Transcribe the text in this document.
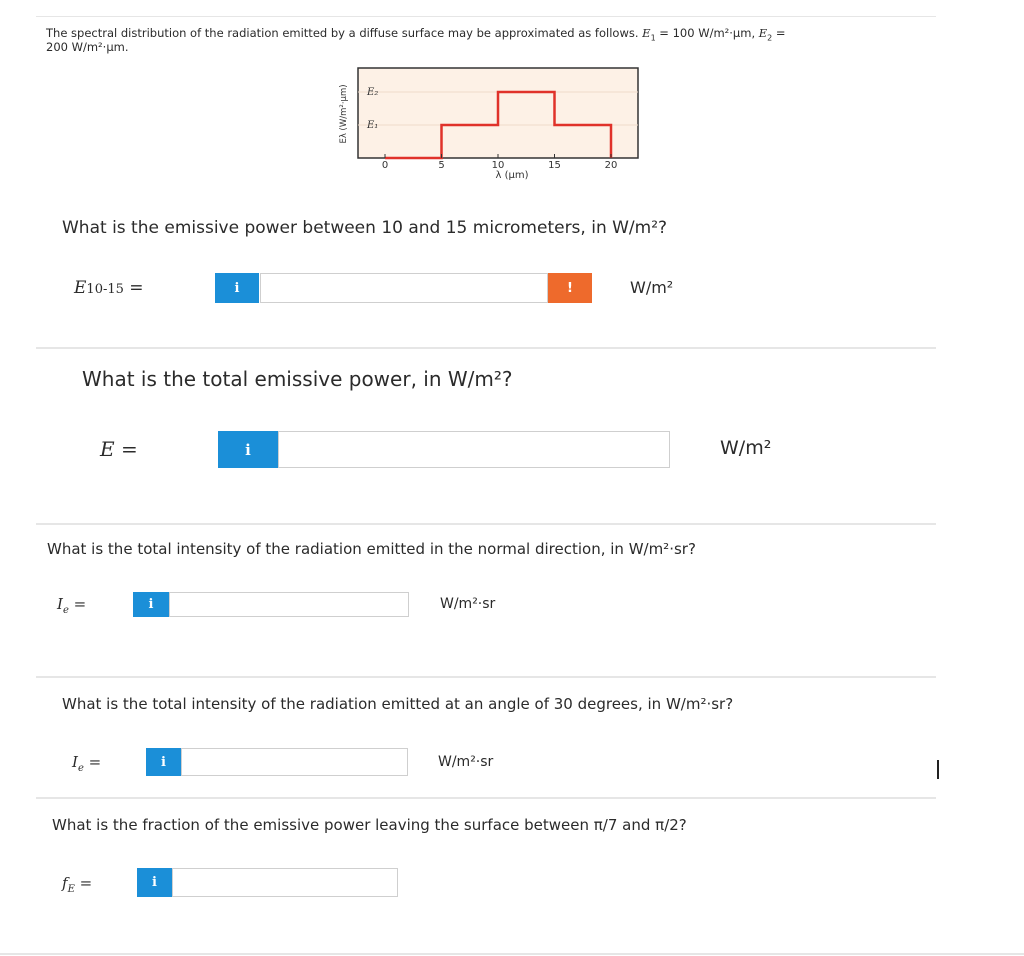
The spectral distribution of the radiation emitted by a diffuse surface may be approximated as follows. $E_1 = 100$ W/m²·μm, $E_2$ =
200 W/m²·μm.
0	5	10	15	20
E₂
E₁
Eλ (W/m²·μm)
λ (μm)
What is the emissive power between 10 and 15 micrometers, in W/m²?
E10-15 =	i	!	W/m²
What is the total emissive power, in W/m²?
E =	i	W/m²
What is the total intensity of the radiation emitted in the normal direction, in W/m²·sr?
$I_e$ =	i	W/m²·sr
What is the total intensity of the radiation emitted at an angle of 30 degrees, in W/m²·sr?
$I_e$ =	i	W/m²·sr
What is the fraction of the emissive power leaving the surface between π/7 and π/2?
$f_E$ =	i
